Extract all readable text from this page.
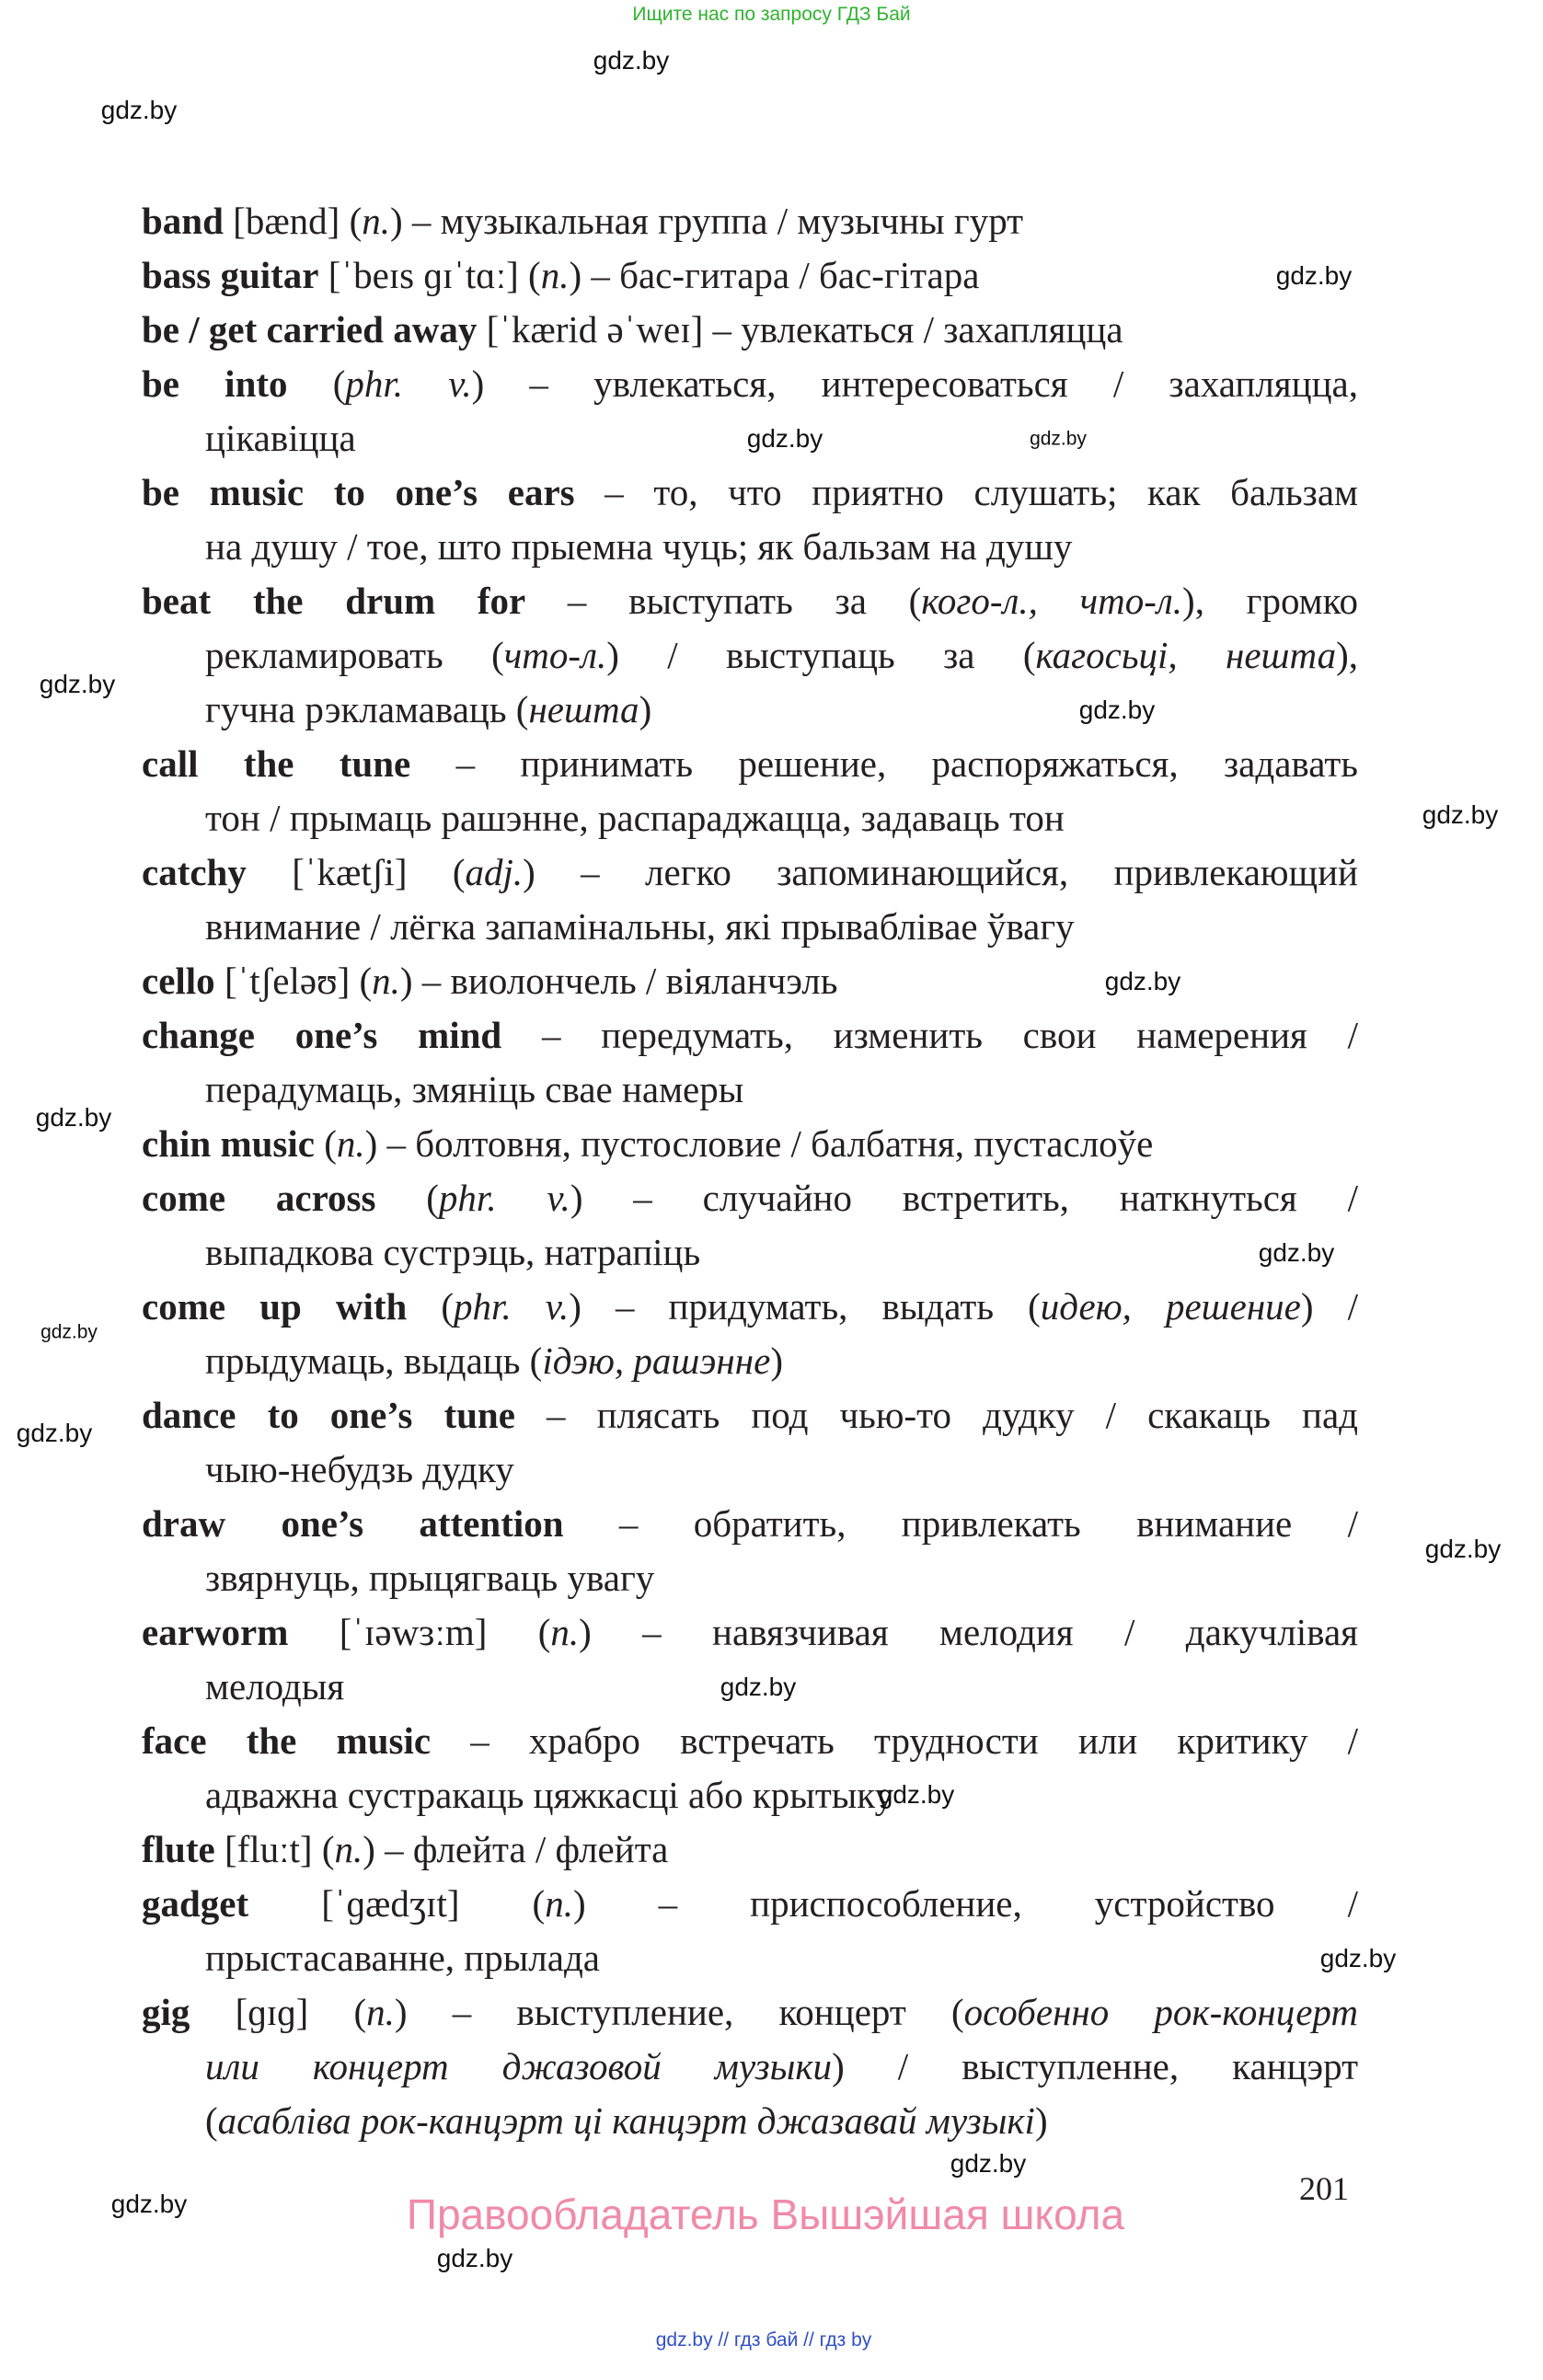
Ищите нас по запросу ГДЗ Бай
band [bænd] (n.) – музыкальная группа / музычны гурт
bass guitar [ˈbeɪs ɡɪˈtɑː] (n.) – бас-гитара / бас-гітара
be / get carried away [ˈkærid əˈweɪ] – увлекаться / захапляцца
be into (phr. v.) – увлекаться, интересоваться / захапляцца,
цікавіцца
be music to one’s ears – то, что приятно слушать; как бальзам
на душу / тое, што прыемна чуць; як бальзам на душу
beat the drum for – выступать за (кого-л., что-л.), громко
рекламировать (что-л.) / выступаць за (кагосьці, нешта),
гучна рэкламаваць (нешта)
call the tune – принимать решение, распоряжаться, задавать
тон / прымаць рашэнне, распараджацца, задаваць тон
catchy [ˈkætʃi] (adj.) – легко запоминающийся, привлекающий
внимание / лёгка запамінальны, які прываблівае ўвагу
cello [ˈtʃeləʊ] (n.) – виолончель / віяланчэль
change one’s mind – передумать, изменить свои намерения /
перадумаць, змяніць свае намеры
chin music (n.) – болтовня, пустословие / балбатня, пустаслоўе
come across (phr. v.) – случайно встретить, наткнуться /
выпадкова сустрэць, натрапіць
come up with (phr. v.) – придумать, выдать (идею, решение) /
прыдумаць, выдаць (ідэю, рашэнне)
dance to one’s tune – плясать под чью-то дудку / скакаць пад
чыю-небудзь дудку
draw one’s attention – обратить, привлекать внимание /
звярнуць, прыцягваць увагу
earworm [ˈɪəwɜːm] (n.) – навязчивая мелодия / дакучлівая
мелодыя
face the music – храбро встречать трудности или критику /
адважна сустракаць цяжкасці або крытыку
flute [fluːt] (n.) – флейта / флейта
gadget [ˈɡædʒɪt] (n.) – приспособление, устройство /
прыстасаванне, прылада
gig [ɡɪɡ] (n.) – выступление, концерт (особенно рок-концерт
или концерт джазовой музыки) / выступленне, канцэрт
(асабліва рок-канцэрт ці канцэрт джазавай музыкі)
gdz.by
gdz.by
gdz.by
gdz.by	gdz.by
gdz.by
gdz.by
gdz.by
gdz.by
gdz.by
gdz.by
gdz.by
gdz.by
gdz.by
gdz.by
gdz.by
gdz.by
gdz.by
gdz.by
gdz.by
201
Правообладатель Вышэйшая школа
gdz.by // гдз бай // гдз by
